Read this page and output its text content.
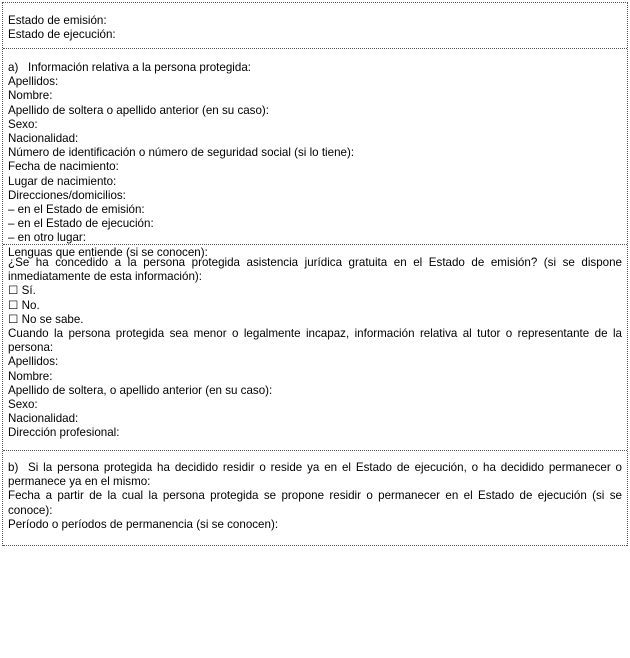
Estado de emisión:
Estado de ejecución:
a) Información relativa a la persona protegida:
Apellidos:
Nombre:
Apellido de soltera o apellido anterior (en su caso):
Sexo:
Nacionalidad:
Número de identificación o número de seguridad social (si lo tiene):
Fecha de nacimiento:
Lugar de nacimiento:
Direcciones/domicilios:
– en el Estado de emisión:
– en el Estado de ejecución:
– en otro lugar:
Lenguas que entiende (si se conocen):
¿Se ha concedido a la persona protegida asistencia jurídica gratuita en el Estado de emisión? (si se dispone inmediatamente de esta información):
☐ Sí.
☐ No.
☐ No se sabe.
Cuando la persona protegida sea menor o legalmente incapaz, información relativa al tutor o representante de la persona:
Apellidos:
Nombre:
Apellido de soltera, o apellido anterior (en su caso):
Sexo:
Nacionalidad:
Dirección profesional:
b) Si la persona protegida ha decidido residir o reside ya en el Estado de ejecución, o ha decidido permanecer o permanece ya en el mismo:
Fecha a partir de la cual la persona protegida se propone residir o permanecer en el Estado de ejecución (si se conoce):
Período o períodos de permanencia (si se conocen):
